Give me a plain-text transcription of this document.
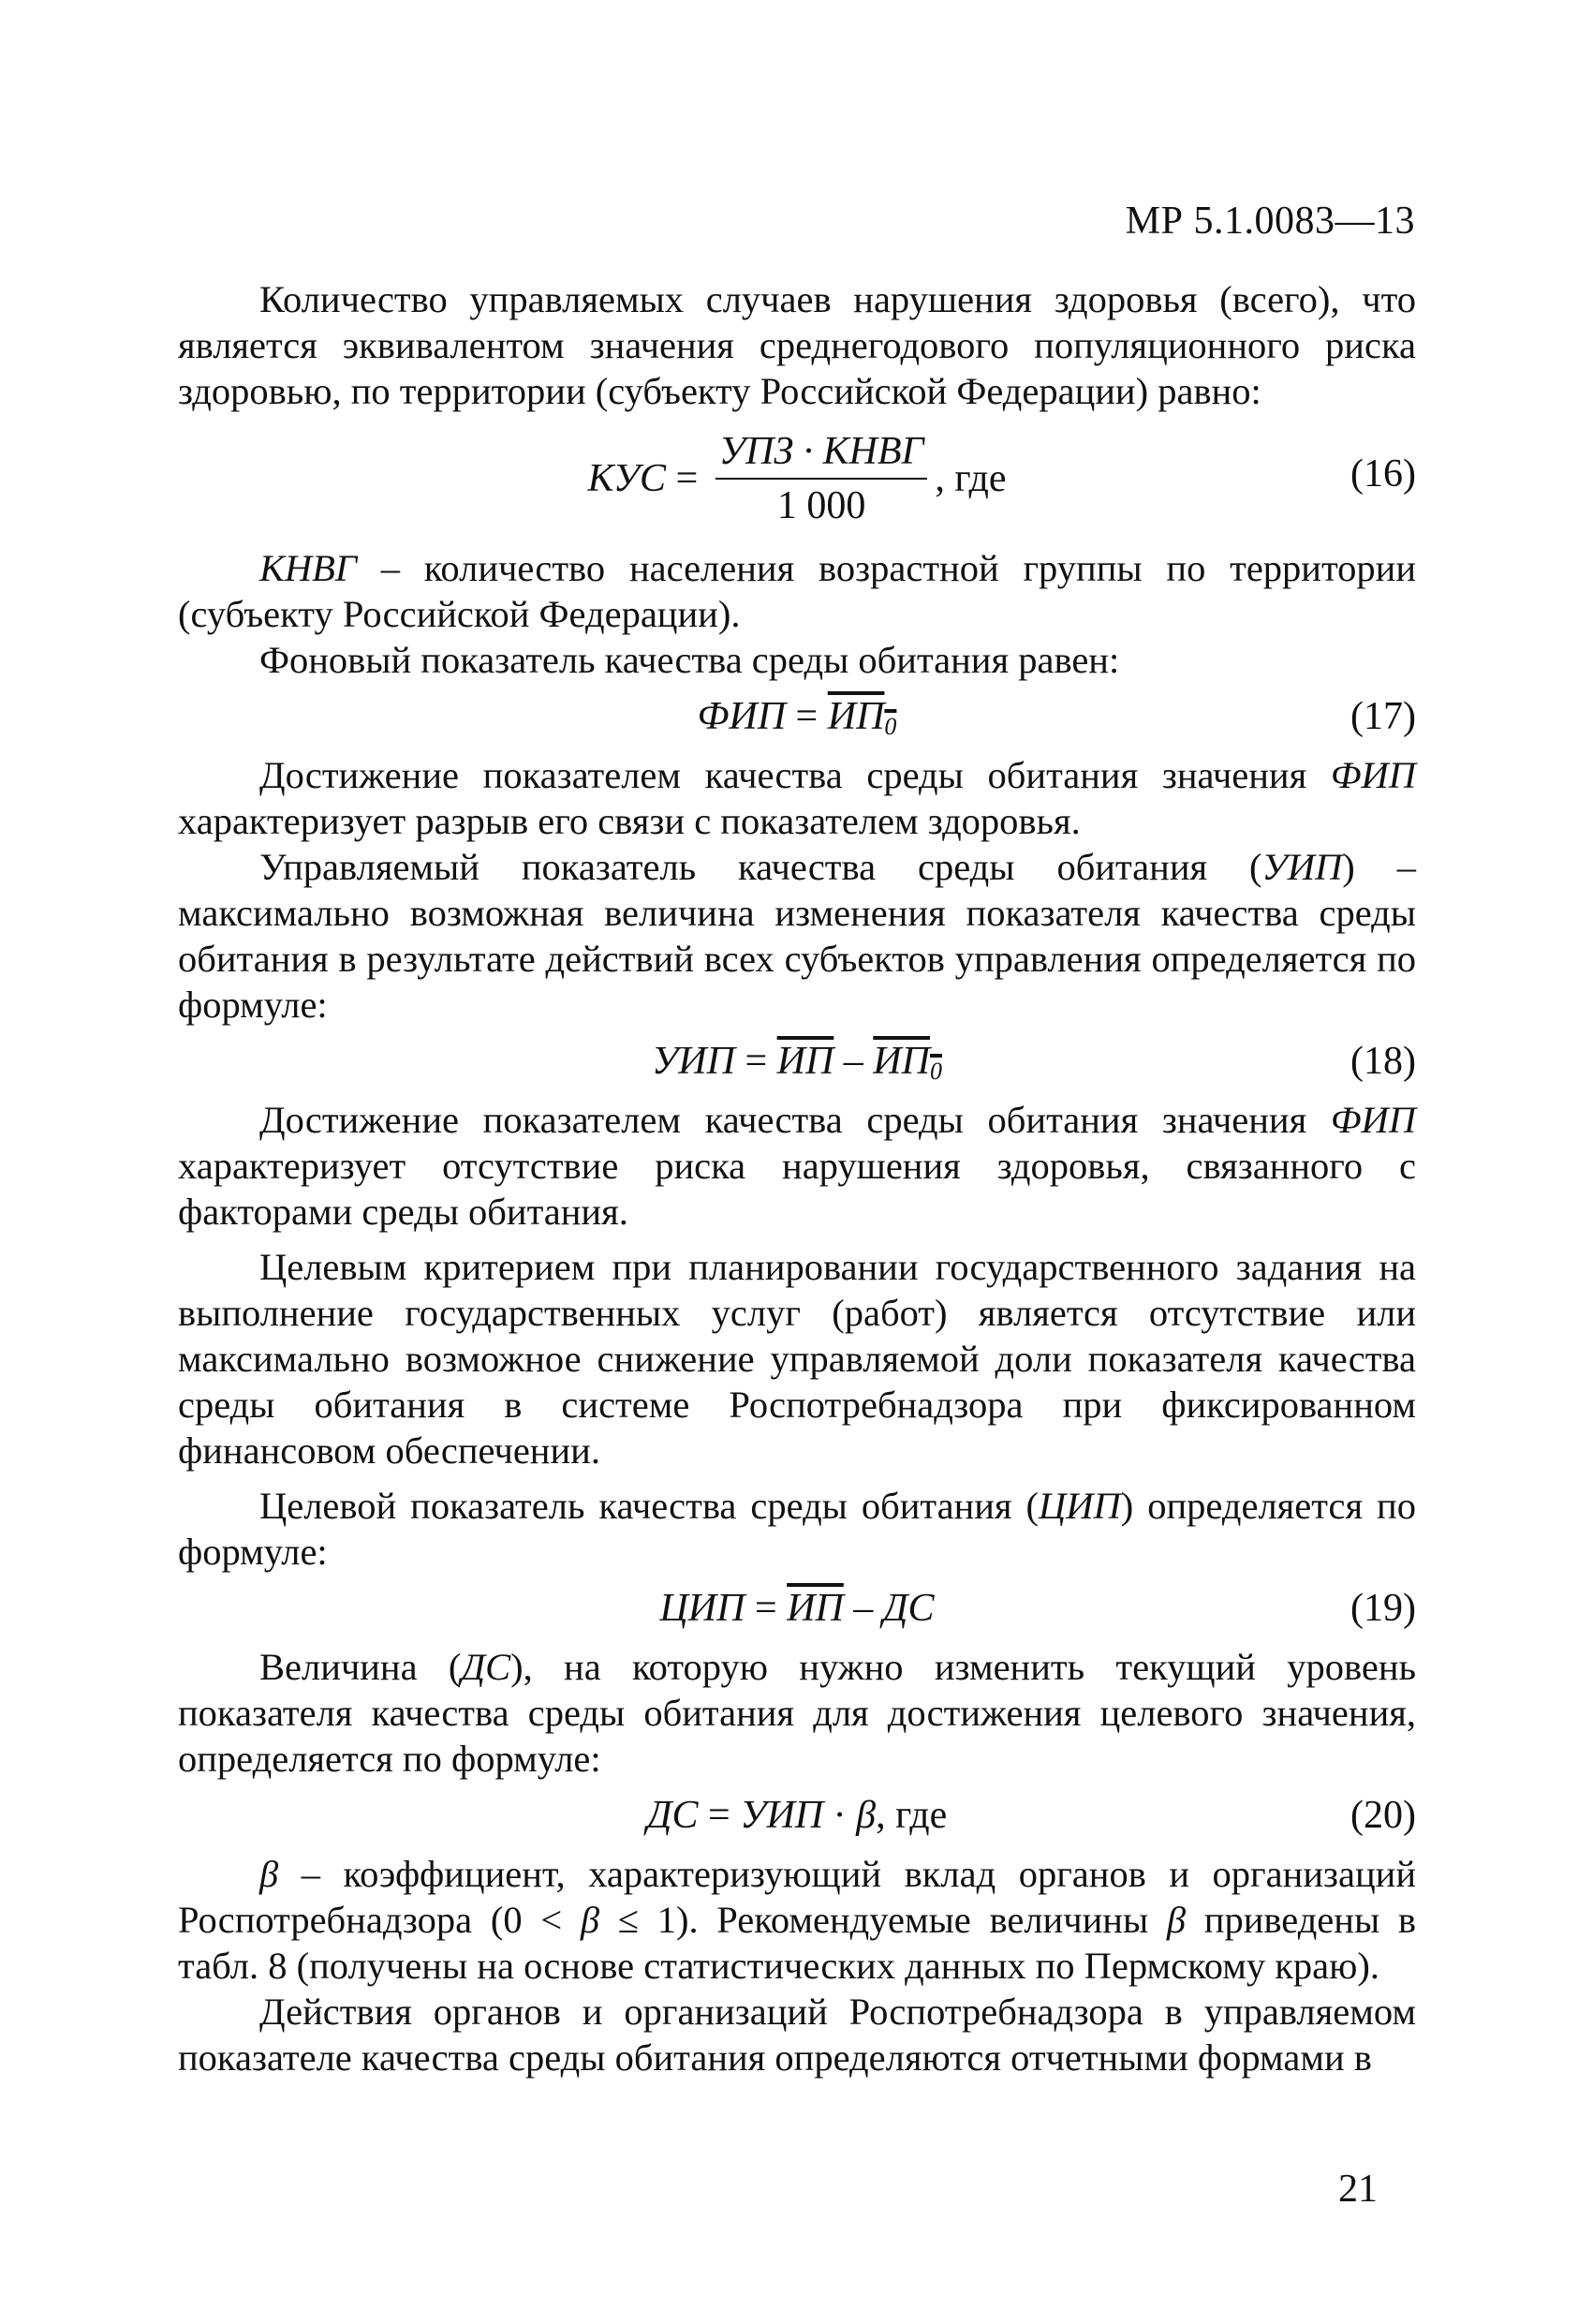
МР 5.1.0083—13

Количество управляемых случаев нарушения здоровья (всего), что является эквивалентом значения среднегодового популяционного риска здоровью, по территории (субъекту Российской Федерации) равно:

КУС = $\frac{\text{УПЗ · КНВГ}}{1 000}$ , где	(16)

КНВГ – количество населения возрастной группы по территории (субъекту Российской Федерации).

Фоновый показатель качества среды обитания равен:

ФИП = $ИП_0$	(17)

Достижение показателем качества среды обитания значения ФИП характеризует разрыв его связи с показателем здоровья.

Управляемый показатель качества среды обитания (УИП) – максимально возможная величина изменения показателя качества среды обитания в результате действий всех субъектов управления определяется по формуле:

УИП = ИП – $ИП_0$	(18)

Достижение показателем качества среды обитания значения ФИП характеризует отсутствие риска нарушения здоровья, связанного с факторами среды обитания.

Целевым критерием при планировании государственного задания на выполнение государственных услуг (работ) является отсутствие или максимально возможное снижение управляемой доли показателя качества среды обитания в системе Роспотребнадзора при фиксированном финансовом обеспечении.

Целевой показатель качества среды обитания (ЦИП) определяется по формуле:

ЦИП = ИП – ДС	(19)

Величина (ДС), на которую нужно изменить текущий уровень показателя качества среды обитания для достижения целевого значения, определяется по формуле:

ДС = УИП · β, где	(20)

β – коэффициент, характеризующий вклад органов и организаций Роспотребнадзора (0 < β ≤ 1). Рекомендуемые величины β приведены в табл. 8 (получены на основе статистических данных по Пермскому краю).

Действия органов и организаций Роспотребнадзора в управляемом показателе качества среды обитания определяются отчетными формами в

21
